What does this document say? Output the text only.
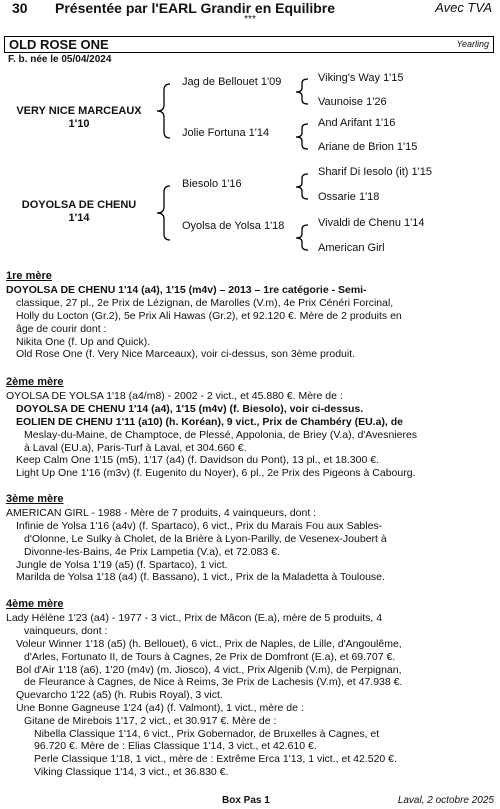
30 Présentée par l'EARL Grandir en Equilibre	Avec TVA
***
OLD ROSE ONE	Yearling
F. b. née le 05/04/2024
VERY NICE MARCEAUX
1'10
Jag de Bellouet 1'09
Jolie Fortuna 1'14
Viking's Way 1'15
Vaunoise 1'26
And Arifant 1'16
Ariane de Brion 1'15
DOYOLSA DE CHENU
1'14
Biesolo 1'16
Oyolsa de Yolsa 1'18
Sharif Di Iesolo (it) 1'15
Ossarie 1'18
Vivaldi de Chenu 1'14
American Girl
1re mère
DOYOLSA DE CHENU 1'14 (a4), 1'15 (m4v) – 2013 – 1re catégorie - Semi-
classique, 27 pl., 2e Prix de Lézignan, de Marolles (V.m), 4e Prix Cénéri Forcinal,
Holly du Locton (Gr.2), 5e Prix Ali Hawas (Gr.2), et 92.120 €. Mère de 2 produits en
âge de courir dont :
Nikita One (f. Up and Quick).
Old Rose One (f. Very Nice Marceaux), voir ci-dessus, son 3ème produit.
2ème mère
OYOLSA DE YOLSA 1'18 (a4/m8) - 2002 - 2 vict., et 45.880 €. Mère de :
DOYOLSA DE CHENU 1'14 (a4), 1'15 (m4v) (f. Biesolo), voir ci-dessus.
EOLIEN DE CHENU 1'11 (a10) (h. Koréan), 9 vict., Prix de Chambéry (EU.a), de
Meslay-du-Maine, de Champtoce, de Plessé, Appolonia, de Briey (V.a), d'Avesnieres
à Laval (EU.a), Paris-Turf à Laval, et 304.660 €.
Keep Calm One 1'15 (m5), 1'17 (a4) (f. Davidson du Pont), 13 pl., et 18.300 €.
Light Up One 1'16 (m3v) (f. Eugenito du Noyer), 6 pl., 2e Prix des Pigeons à Cabourg.
3ème mère
AMERICAN GIRL - 1988 - Mère de 7 produits, 4 vainqueurs, dont :
Infinie de Yolsa 1'16 (a4v) (f. Spartaco), 6 vict., Prix du Marais Fou aux Sables-
d'Olonne, Le Sulky à Cholet, de la Brière à Lyon-Parilly, de Vesenex-Joubert à
Divonne-les-Bains, 4e Prix Lampetia (V.a), et 72.083 €.
Jungle de Yolsa 1'19 (a5) (f. Spartaco), 1 vict.
Marilda de Yolsa 1'18 (a4) (f. Bassano), 1 vict., Prix de la Maladetta à Toulouse.
4ème mère
Lady Hélène 1'23 (a4) - 1977 - 3 vict., Prix de Mâcon (E.a), mère de 5 produits, 4
vainqueurs, dont :
Voleur Winner 1'18 (a5) (h. Bellouet), 6 vict., Prix de Naples, de Lille, d'Angoulême,
d'Arles, Fortunato II, de Tours à Cagnes, 2e Prix de Domfront (E.a), et 69.707 €.
Bol d'Air 1'18 (a6), 1'20 (m4v) (m. Jiosco), 4 vict., Prix Algenib (V.m), de Perpignan,
de Fleurance à Cagnes, de Nice à Reims, 3e Prix de Lachesis (V.m), et 47.938 €.
Quevarcho 1'22 (a5) (h. Rubis Royal), 3 vict.
Une Bonne Gagneuse 1'24 (a4) (f. Valmont), 1 vict., mère de :
Gitane de Mirebois 1'17, 2 vict., et 30.917 €. Mère de :
Nibella Classique 1'14, 6 vict., Prix Gobernador, de Bruxelles à Cagnes, et
96.720 €. Mère de : Elias Classique 1'14, 3 vict., et 42.610 €.
Perle Classique 1'18, 1 vict., mère de : Extrême Erca 1'13, 1 vict., et 42.520 €.
Viking Classique 1'14, 3 vict., et 36.830 €.
Box Pas 1	Laval, 2 octobre 2025
